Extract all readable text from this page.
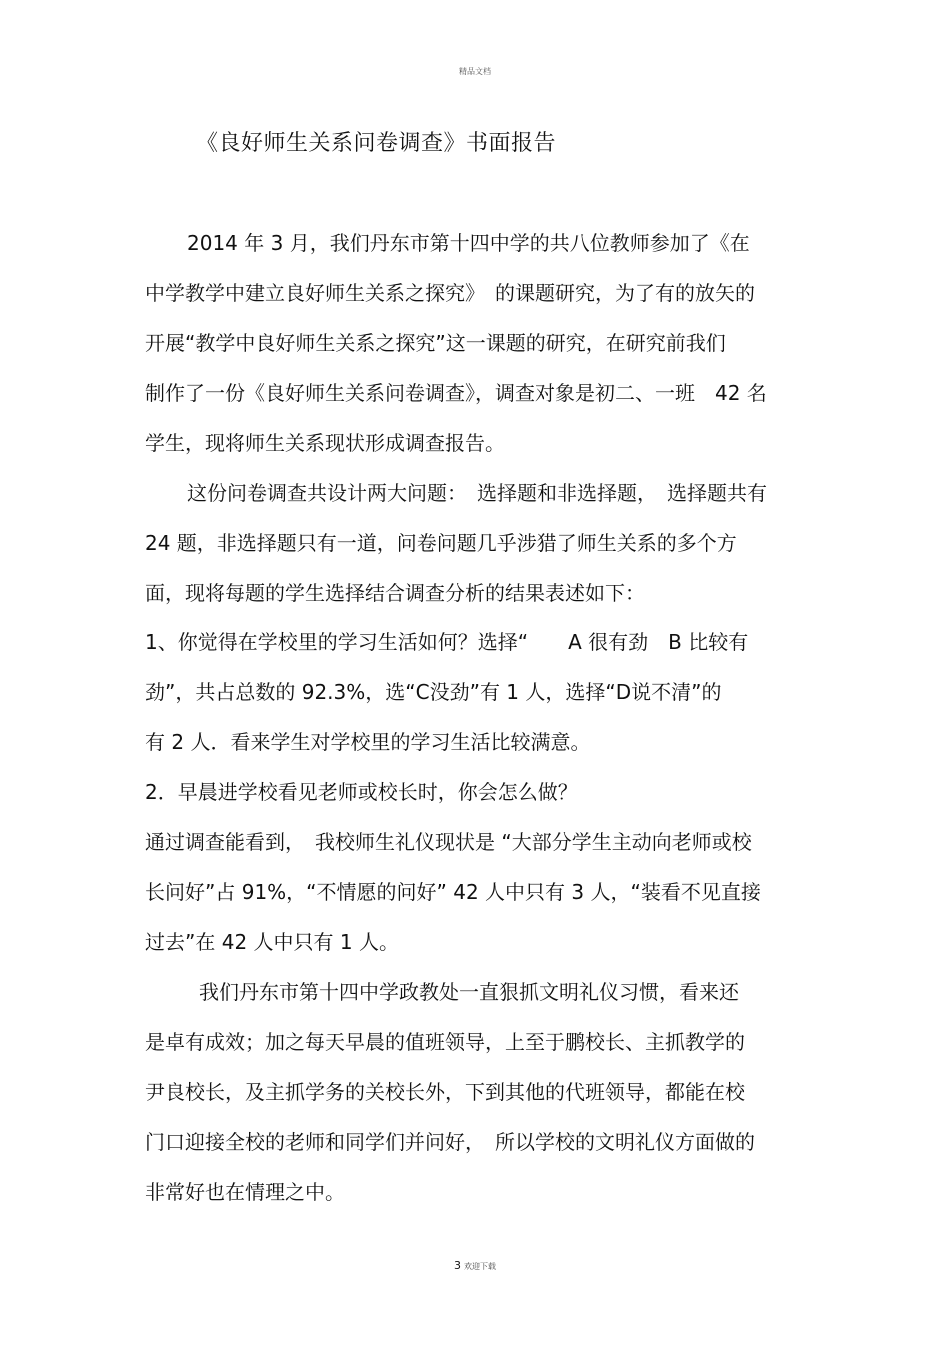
精品文档
《良好师生关系问卷调查》书面报告
2014 年 3 月，我们丹东市第十四中学的共八位教师参加了《在
中学教学中建立良好师生关系之探究》　的课题研究，为了有的放矢的
开展“教学中良好师生关系之探究”这一课题的研究，在研究前我们
制作了一份《良好师生关系问卷调查》，调查对象是初二、一班　42 名
学生，现将师生关系现状形成调查报告。
这份问卷调查共设计两大问题：　选择题和非选择题，　选择题共有
24 题，非选择题只有一道，问卷问题几乎涉猎了师生关系的多个方
面，现将每题的学生选择结合调查分析的结果表述如下：
1、你觉得在学校里的学习生活如何？选择“　　A 很有劲　B 比较有
劲”，共占总数的 92.3%，选“C没劲”有 1 人，选择“D说不清”的
有 2 人．看来学生对学校里的学习生活比较满意。
2．早晨进学校看见老师或校长时，你会怎么做？
通过调查能看到，　我校师生礼仪现状是 “大部分学生主动向老师或校
长问好”占 91%，“不情愿的问好” 42 人中只有 3 人，“装看不见直接
过去”在 42 人中只有 1 人。
我们丹东市第十四中学政教处一直狠抓文明礼仪习惯，看来还
是卓有成效；加之每天早晨的值班领导，上至于鹏校长、主抓教学的
尹良校长，及主抓学务的关校长外，下到其他的代班领导，都能在校
门口迎接全校的老师和同学们并问好，　所以学校的文明礼仪方面做的
非常好也在情理之中。
3 欢迎下载
